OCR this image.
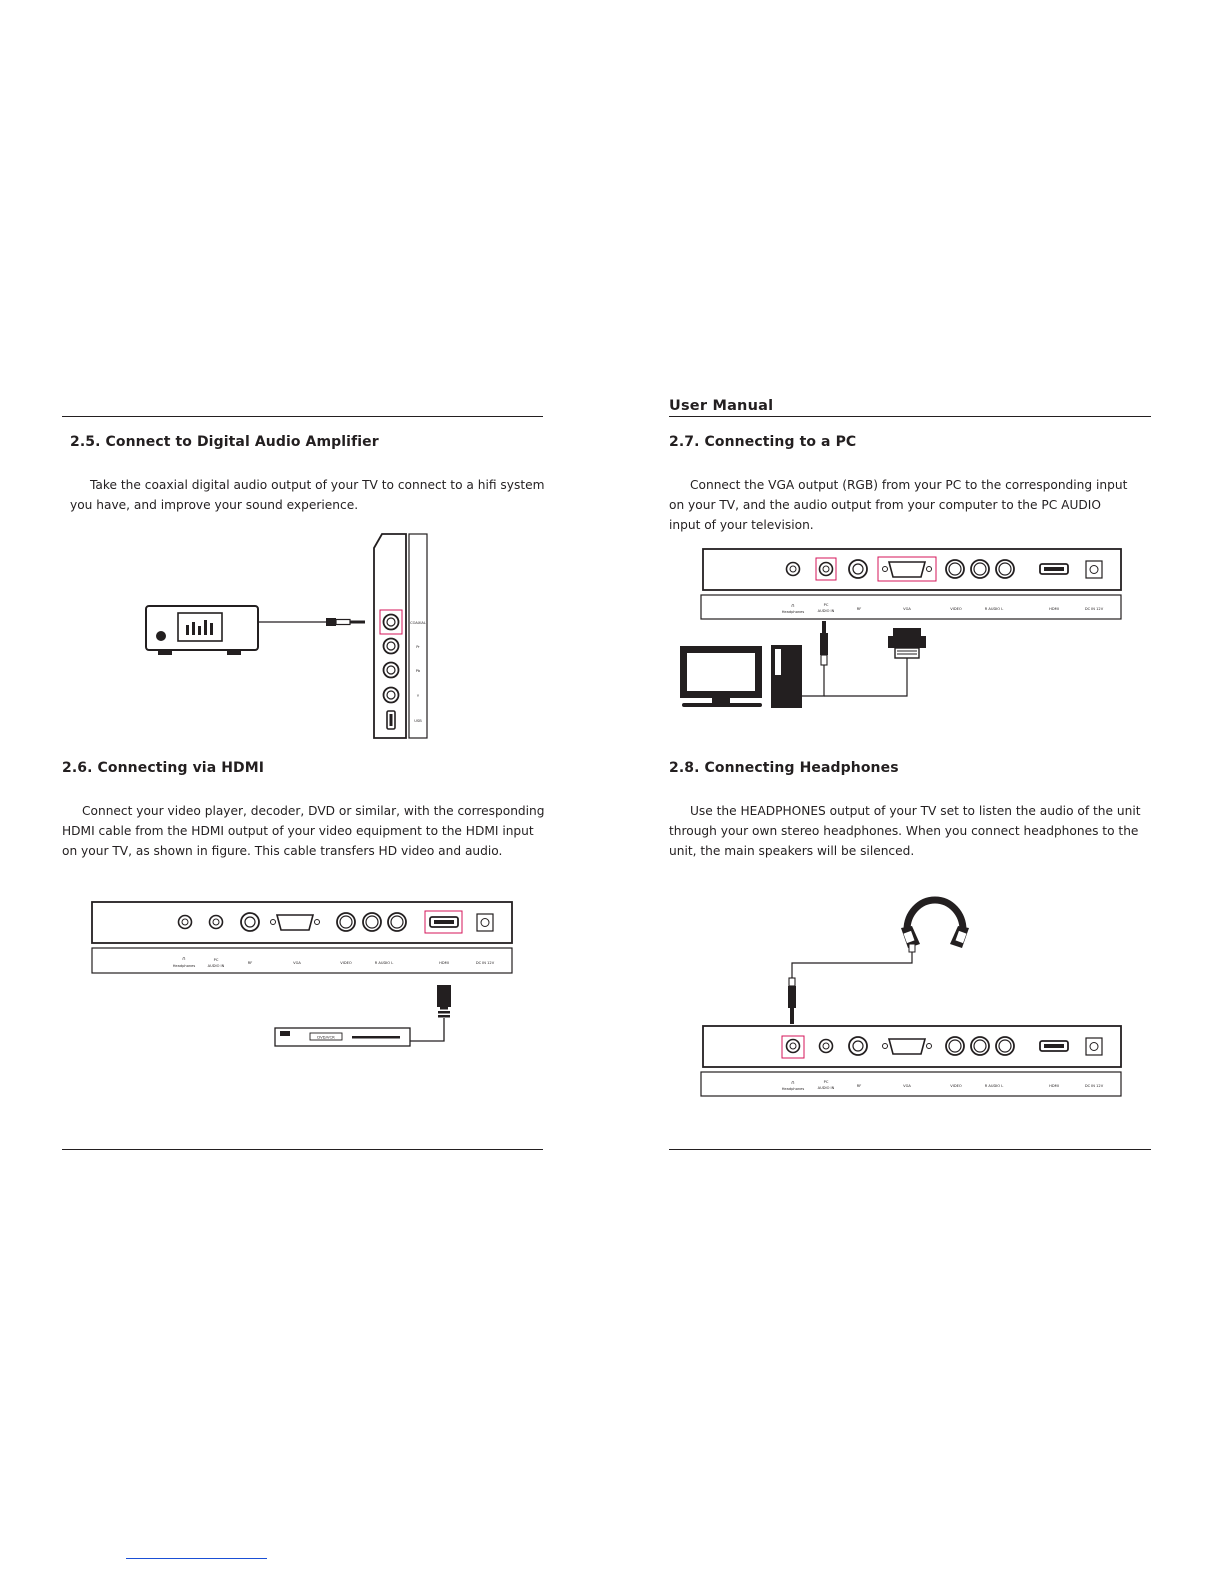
User Manual
2.5. Connect to Digital Audio Amplifier
Take the coaxial digital audio output of your TV to connect to a hifi system
you have, and improve your sound experience.
COAXIAL
Pr
Pb
Y
USB
2.6. Connecting via HDMI
Connect your video player, decoder, DVD or similar, with the corresponding
HDMI cable from the HDMI output of your video equipment to the HDMI input
on your TV, as shown in figure. This cable transfers HD video and audio.
Headphones
∩	PC
AUDIO IN
RF	VGA	VIDEO	R AUDIO L	HDMI	DC IN 12V
DVD/VCR
2.7. Connecting to a PC
Connect the VGA output (RGB) from your PC to the corresponding input
on your TV, and the audio output from your computer to the PC AUDIO
input of your television.
∩
Headphones
PC
AUDIO IN	RF	VGA	VIDEO	R AUDIO L	HDMI	DC IN 12V
2.8. Connecting Headphones
Use the HEADPHONES output of your TV set to listen the audio of the unit
through your own stereo headphones. When you connect headphones to the
unit, the main speakers will be silenced.
∩
Headphones
PC
AUDIO IN	RF	VGA	VIDEO	R AUDIO L	HDMI	DC IN 12V
